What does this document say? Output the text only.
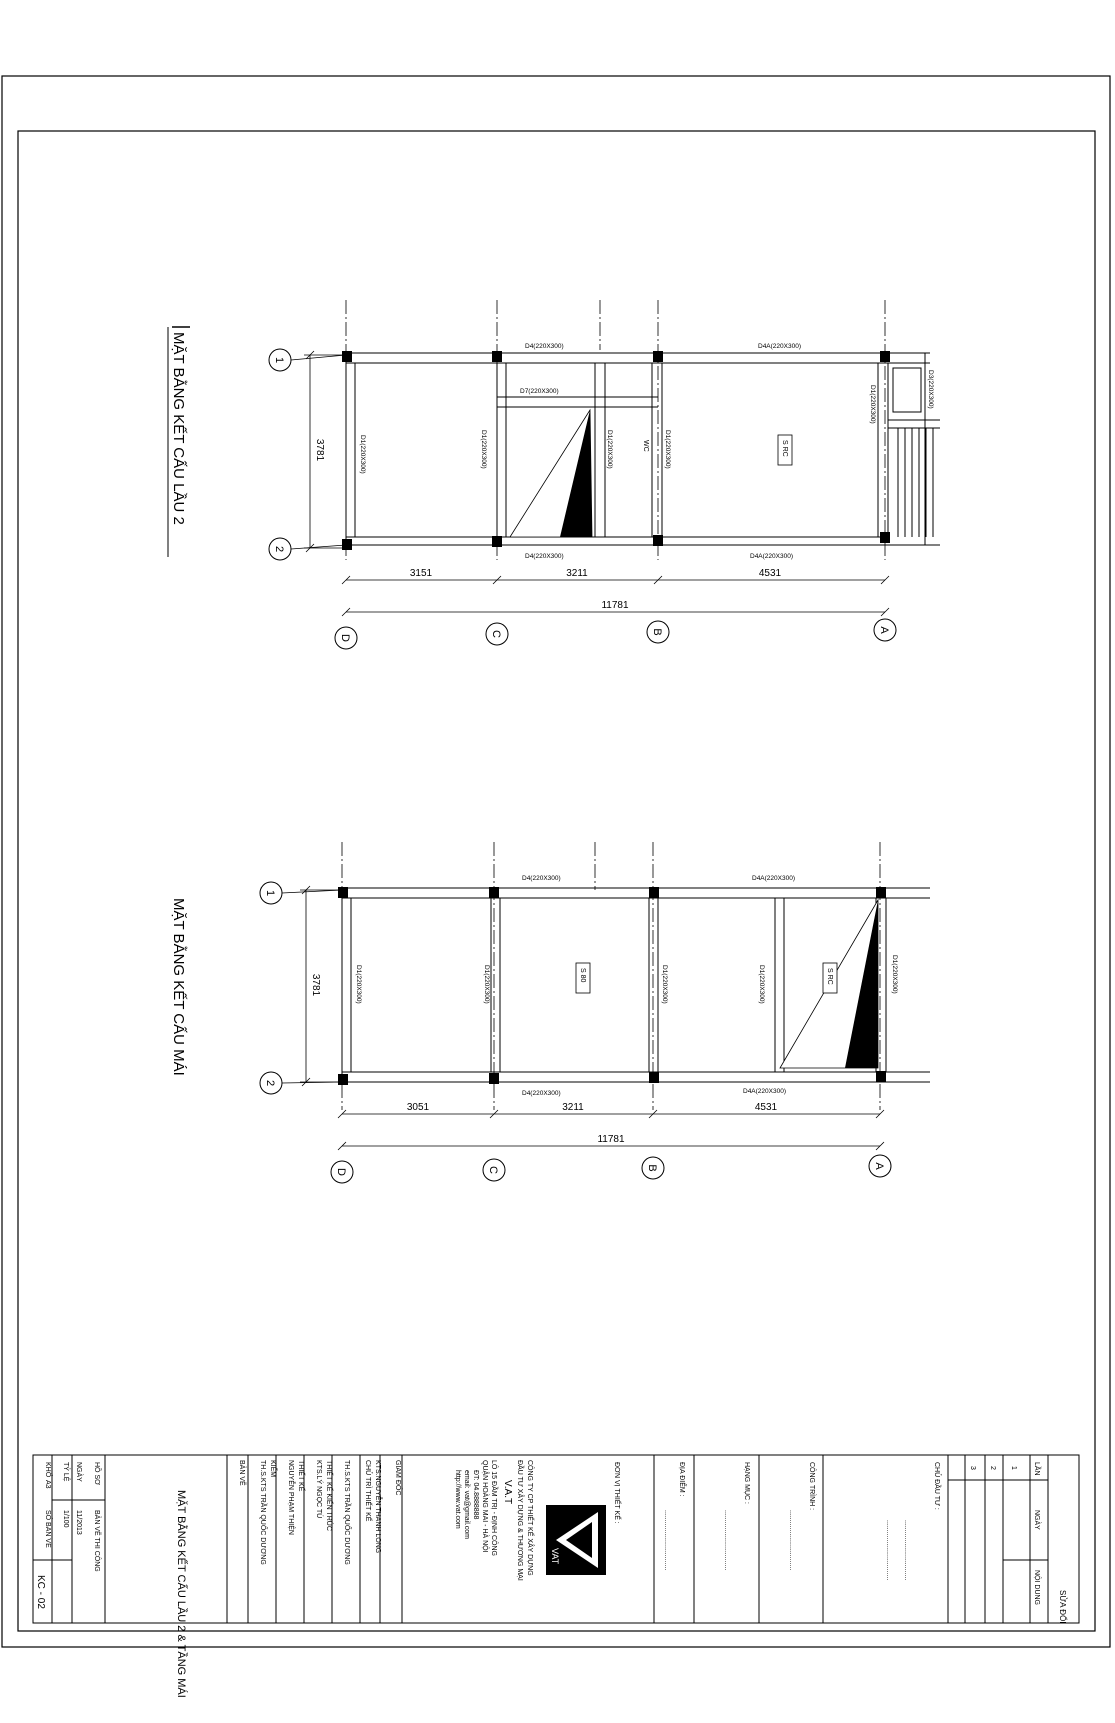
MẶT BẰNG KẾT CẤU LẦU 2	D4(220X300)	D4A(220X300)
D4(220X300)	D4A(220X300)
D7(220X300)
D1(220X300)	D1(220X300)	D1(220X300)	D1(220X300)
D1(220X300)	D3(220X300)
WC	S RC
1
2
3781
3151	3211	4531
11781
D
C	B	A
MẶT BẰNG KẾT CẤU MÁI
D4(220X300)	D4A(220X300)
D4(220X300)	D4A(220X300)
D1(220X300)	D1(220X300)	D1(220X300)	D1(220X300)	D1(220X300)
S 80	S RC
1
2
3781
3051	3211	4531
11781
D	C	B	A
SỬA ĐỔI
LẦN
NGÀY
NỘI DUNG
1
2
3
CHỦ ĐẦU TƯ :
...............................
...............................
CÔNG TRÌNH :
...............................
HẠNG MỤC :
...............................
ĐỊA ĐIỂM :
...............................
ĐƠN VỊ THIẾT KẾ :
VAT
CÔNG TY CP THIẾT KẾ XÂY DỰNG
ĐẦU TƯ XÂY DỰNG & THƯƠNG MẠI
V.A.T
LÔ 15 ĐẦM TRỊ - ĐỊNH CÔNG
QUẬN HOÀNG MAI - HÀ NỘI
ĐT: 04.8888888
email: vat@gmail.com
http://www.vat.com
GIÁM ĐỐC
KTS.NGUYỄN THANH LONG
CHỦ TRÌ THIẾT KẾ
TH.S.KTS TRẦN QUỐC DƯƠNG
THIẾT KẾ KIẾN TRÚC
KTS.LÝ NGỌC TÚ
THIẾT KẾ
NGUYỄN PHẠM THIỆN
KIỂM
TH.S.KTS TRẦN QUỐC DƯƠNG
BẢN VẼ
MẶT BẰNG KẾT CẤU LẦU 2 & TẦNG MÁI
HỒ SƠ
BẢN VẼ THI CÔNG
NGÀY
11/2013
TỶ LỆ
1/100
KHỔ
A3
SỐ BẢN VẼ
KC - 02
